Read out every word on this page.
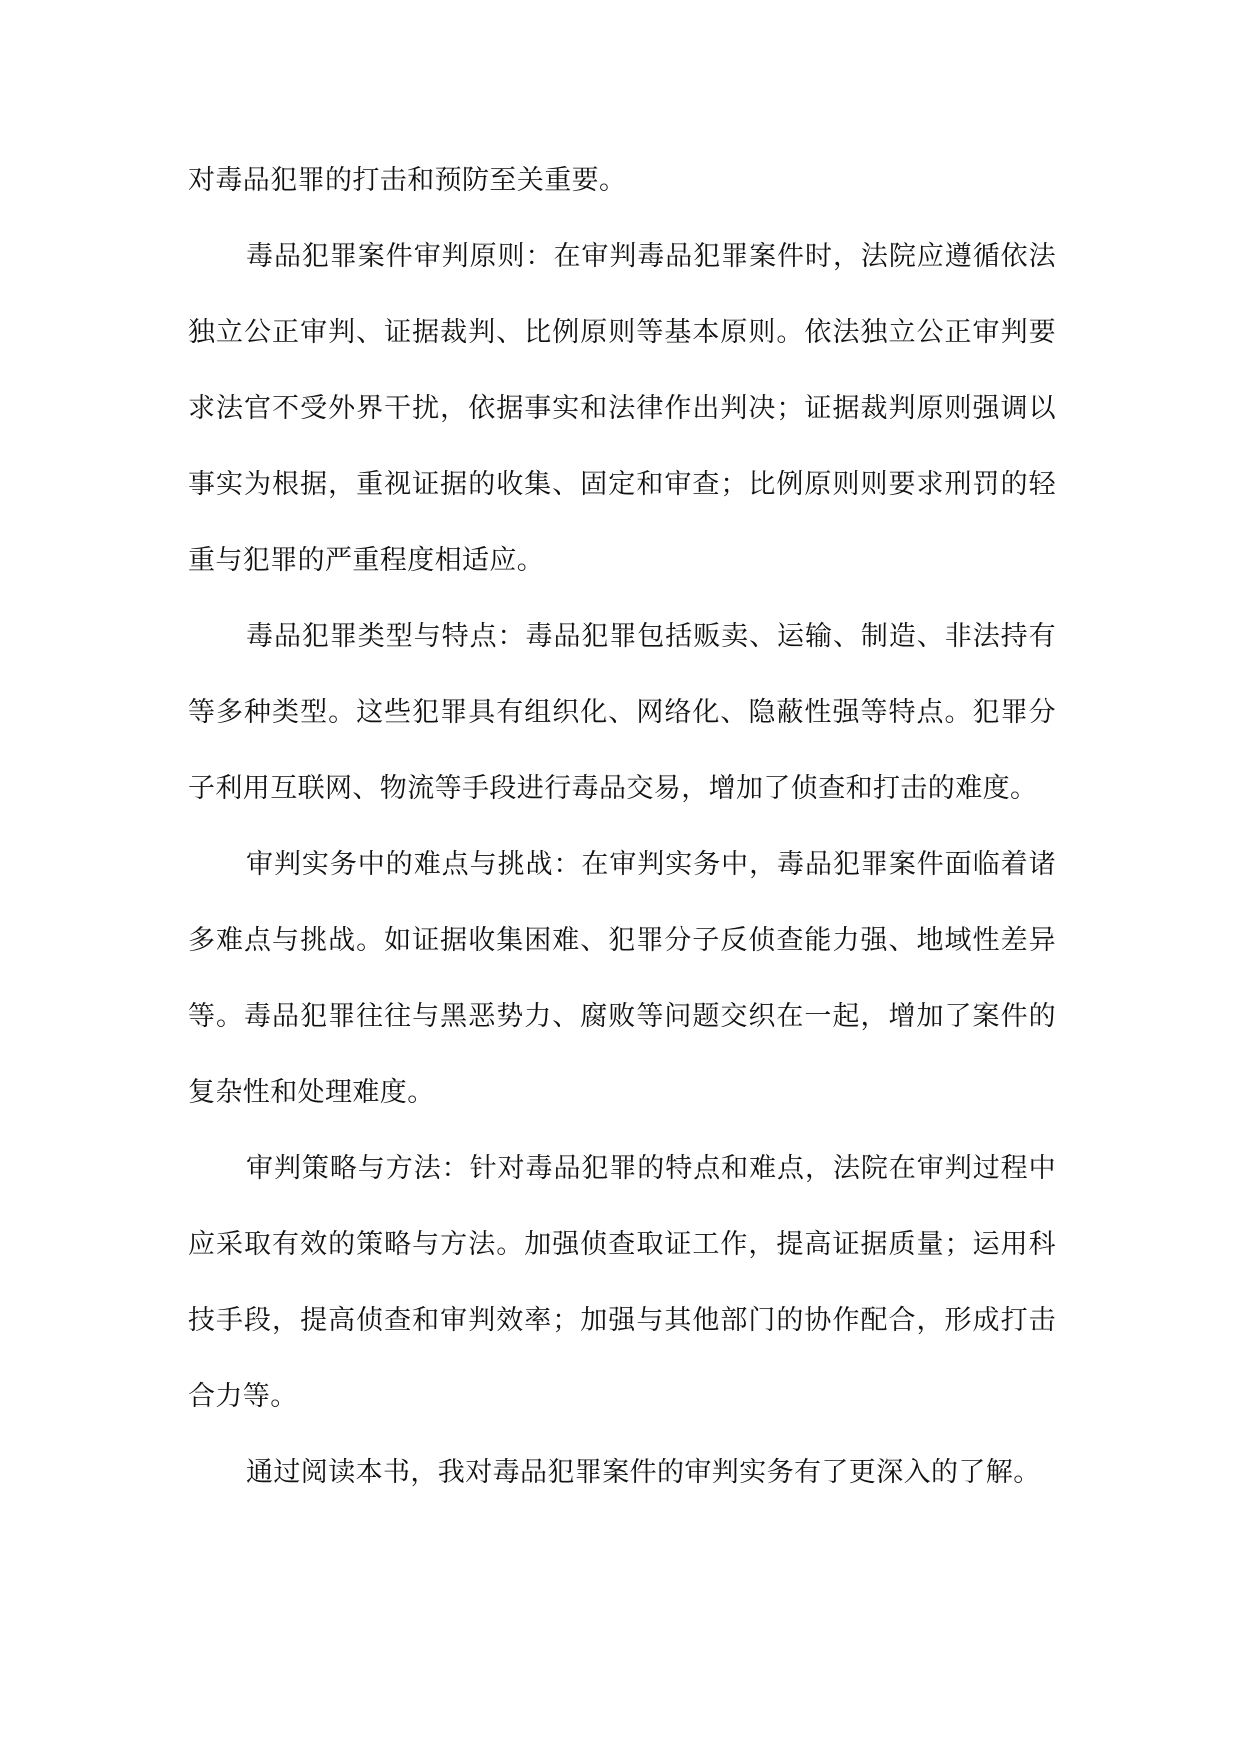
对毒品犯罪的打击和预防至关重要。

毒品犯罪案件审判原则：在审判毒品犯罪案件时，法院应遵循依法独立公正审判、证据裁判、比例原则等基本原则。依法独立公正审判要求法官不受外界干扰，依据事实和法律作出判决；证据裁判原则强调以事实为根据，重视证据的收集、固定和审查；比例原则则要求刑罚的轻重与犯罪的严重程度相适应。

毒品犯罪类型与特点：毒品犯罪包括贩卖、运输、制造、非法持有等多种类型。这些犯罪具有组织化、网络化、隐蔽性强等特点。犯罪分子利用互联网、物流等手段进行毒品交易，增加了侦查和打击的难度。

审判实务中的难点与挑战：在审判实务中，毒品犯罪案件面临着诸多难点与挑战。如证据收集困难、犯罪分子反侦查能力强、地域性差异等。毒品犯罪往往与黑恶势力、腐败等问题交织在一起，增加了案件的复杂性和处理难度。

审判策略与方法：针对毒品犯罪的特点和难点，法院在审判过程中应采取有效的策略与方法。加强侦查取证工作，提高证据质量；运用科技手段，提高侦查和审判效率；加强与其他部门的协作配合，形成打击合力等。

通过阅读本书，我对毒品犯罪案件的审判实务有了更深入的了解。
